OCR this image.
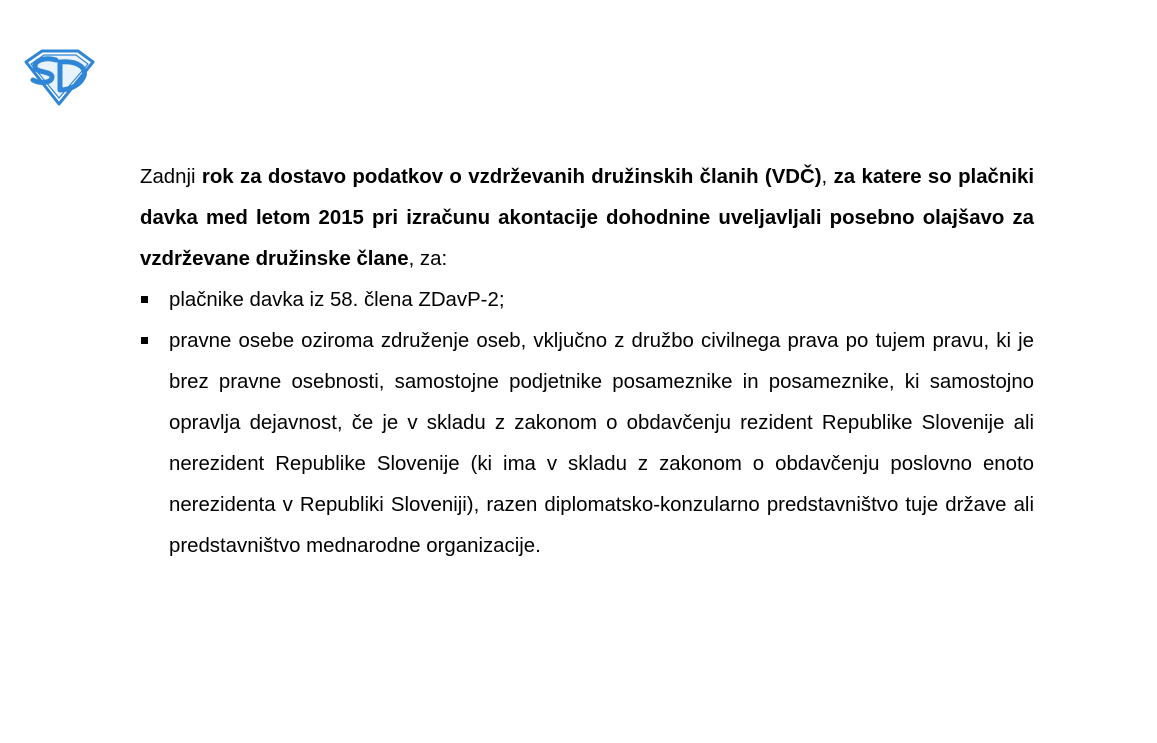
Zadnji rok za dostavo podatkov o vzdrževanih družinskih članih (VDČ), za katere so plačniki davka med letom 2015 pri izračunu akontacije dohodnine uveljavljali posebno olajšavo za vzdrževane družinske člane, za:

plačnike davka iz 58. člena ZDavP-2;
pravne osebe oziroma združenje oseb, vključno z družbo civilnega prava po tujem pravu, ki je brez pravne osebnosti, samostojne podjetnike posameznike in posameznike, ki samostojno opravlja dejavnost, če je v skladu z zakonom o obdavčenju rezident Republike Slovenije ali nerezident Republike Slovenije (ki ima v skladu z zakonom o obdavčenju poslovno enoto nerezidenta v Republiki Sloveniji), razen diplomatsko-konzularno predstavništvo tuje države ali predstavništvo mednarodne organizacije.
